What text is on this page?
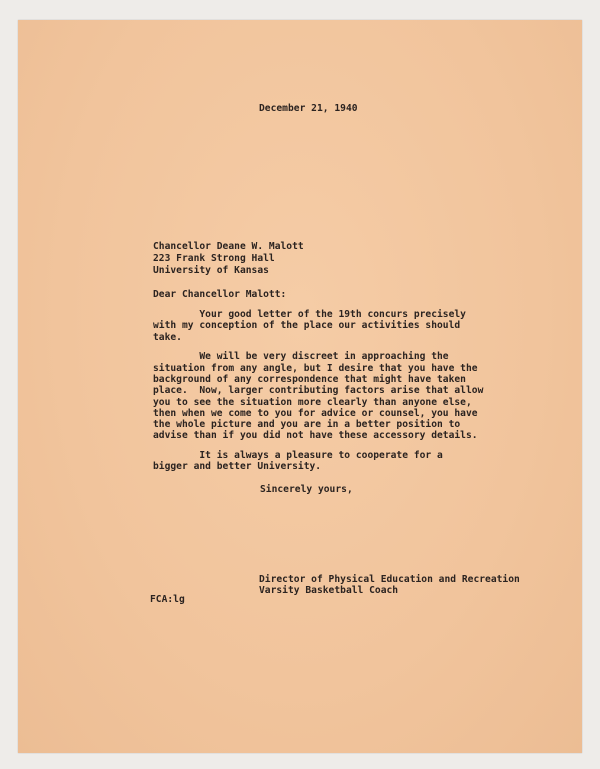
December 21, 1940

Chancellor Deane W. Malott

223 Frank Strong Hall

University of Kansas

Dear Chancellor Malott:

Your good letter of the 19th concurs precisely

with my conception of the place our activities should

take.

We will be very discreet in approaching the

situation from any angle, but I desire that you have the

background of any correspondence that might have taken

place.  Now, larger contributing factors arise that allow

you to see the situation more clearly than anyone else,

then when we come to you for advice or counsel, you have

the whole picture and you are in a better position to

advise than if you did not have these accessory details.

It is always a pleasure to cooperate for a

bigger and better University.

Sincerely yours,

Director of Physical Education and Recreation

Varsity Basketball Coach

FCA:lg
